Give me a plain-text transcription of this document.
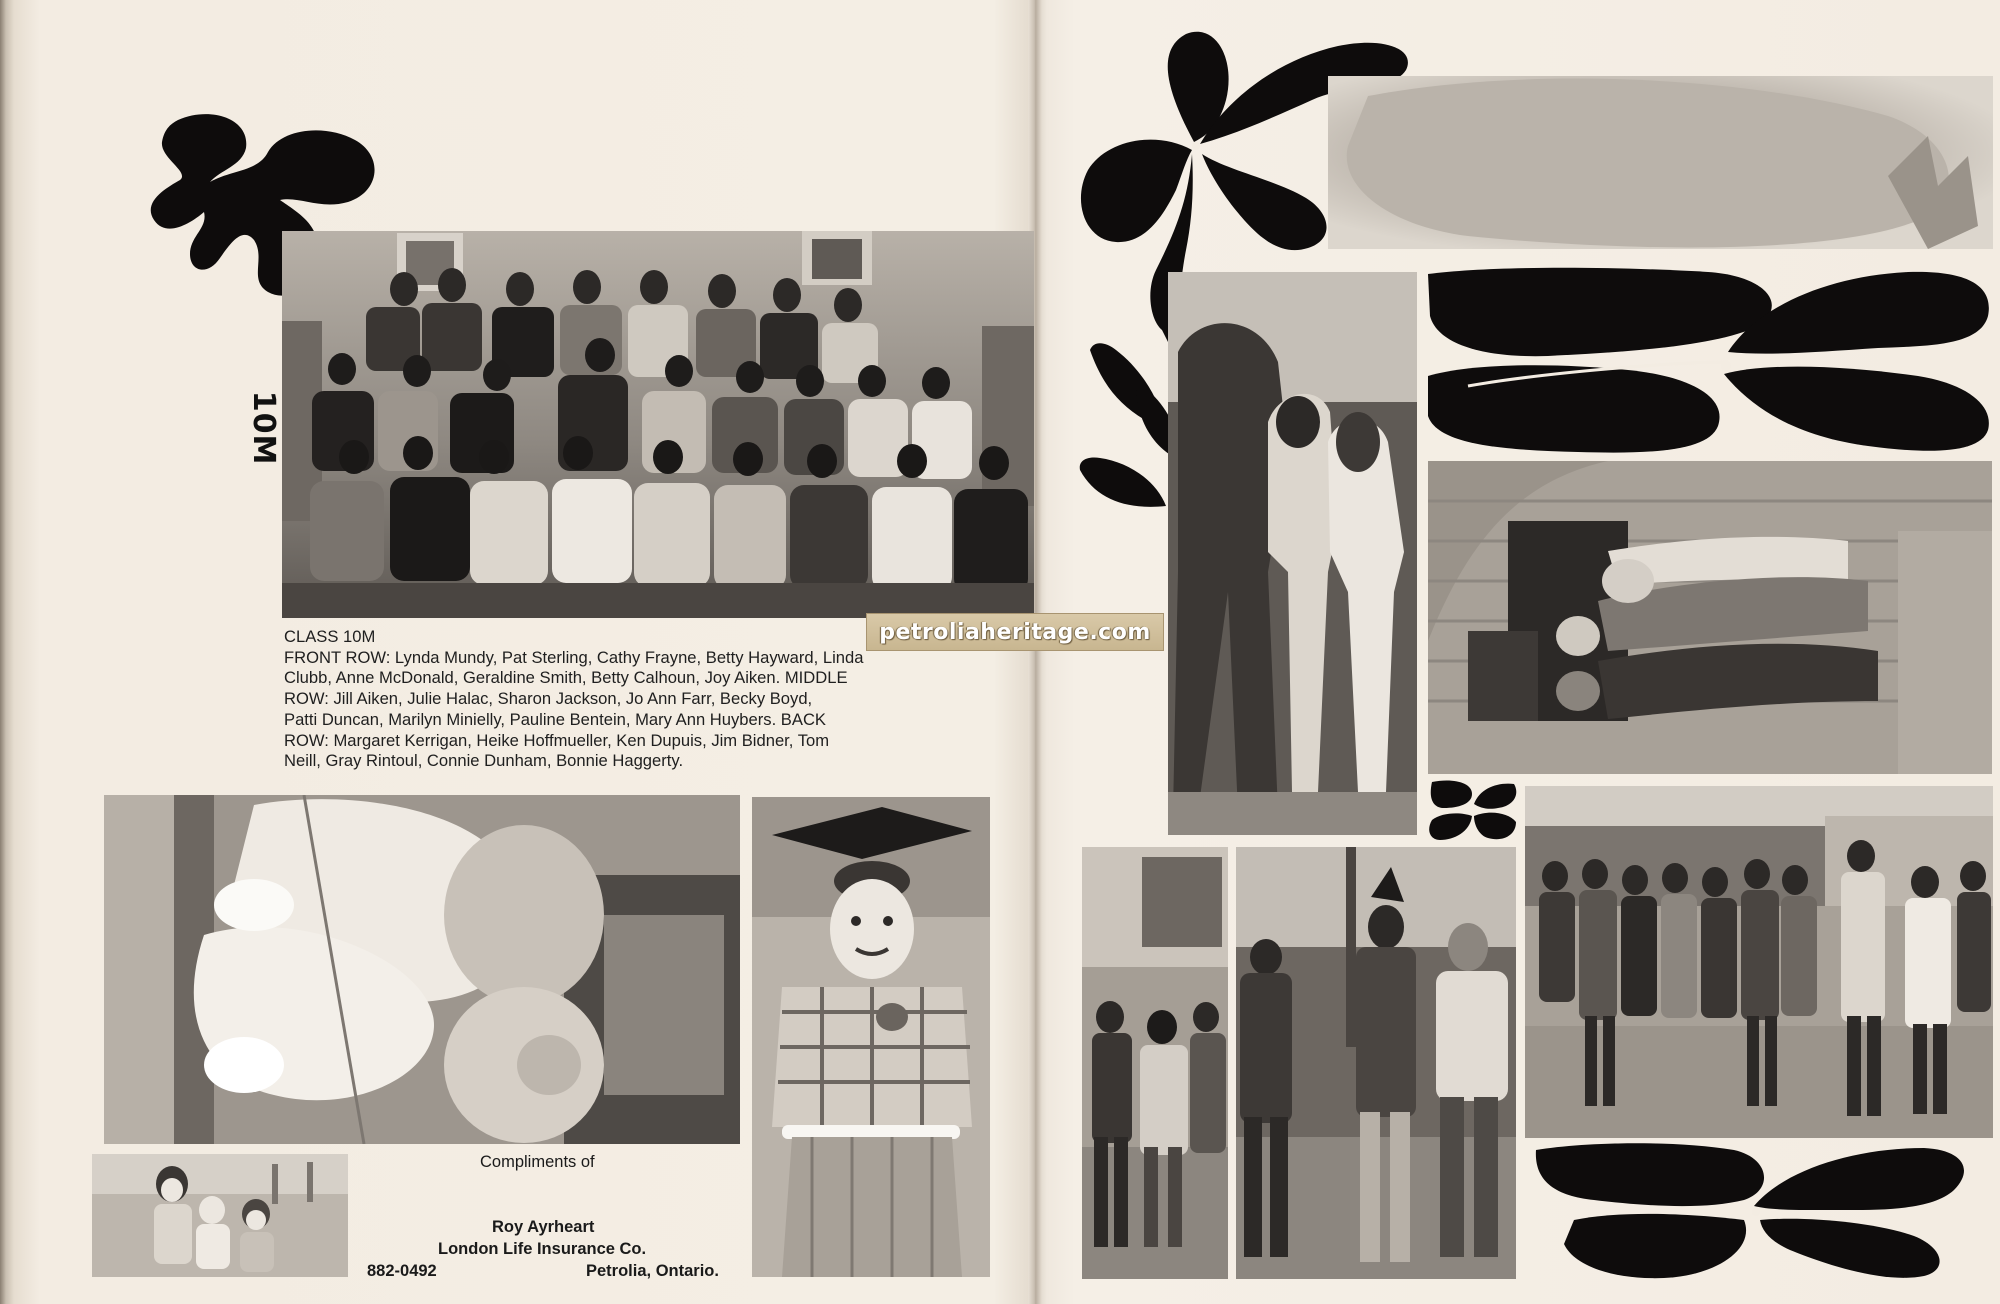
10M
CLASS 10M
FRONT ROW: Lynda Mundy, Pat Sterling, Cathy Frayne, Betty Hayward, Linda
Clubb, Anne McDonald, Geraldine Smith, Betty Calhoun, Joy Aiken. MIDDLE
ROW: Jill Aiken, Julie Halac, Sharon Jackson, Jo Ann Farr, Becky Boyd,
Patti Duncan, Marilyn Minielly, Pauline Bentein, Mary Ann Huybers. BACK
ROW: Margaret Kerrigan, Heike Hoffmueller, Ken Dupuis, Jim Bidner, Tom
Neill, Gray Rintoul, Connie Dunham, Bonnie Haggerty.
Compliments of
Roy Ayrheart
London Life Insurance Co.
882-0492	Petrolia, Ontario.
petroliaheritage.com
